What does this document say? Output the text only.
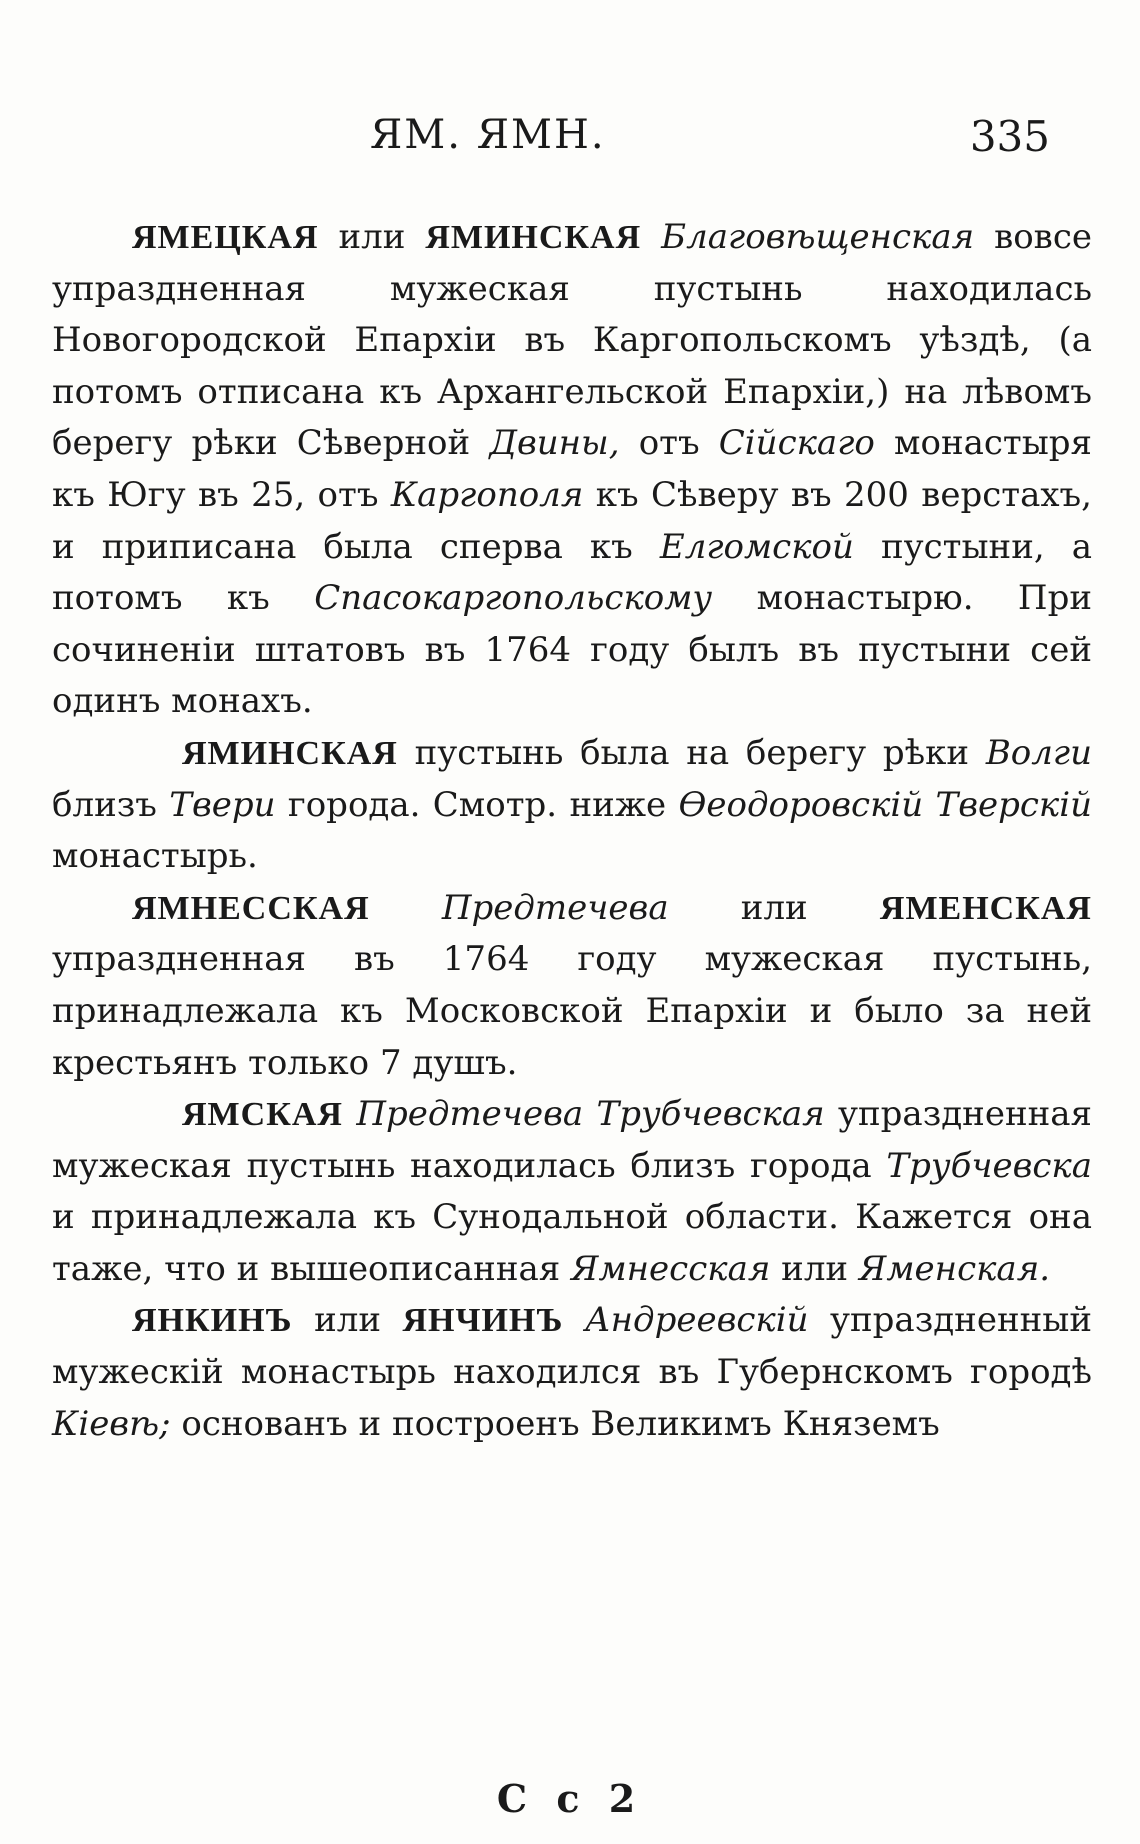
ЯМ. ЯМН.	335

ЯМЕЦКАЯ или ЯМИНСКАЯ Благовѣщенская вовсе упраздненная мужеская пустынь находилась Новогородской Епархіи въ Каргопольскомъ уѣздѣ, (а потомъ отписана къ Архангельской Епархіи,) на лѣвомъ берегу рѣки Сѣверной Двины, отъ Сійскаго монастыря къ Югу въ 25, отъ Каргополя къ Сѣверу въ 200 верстахъ, и приписана была сперва къ Елгомской пустыни, а потомъ къ Спасокаргопольскому монастырю. При сочиненіи штатовъ въ 1764 году былъ въ пустыни сей одинъ монахъ.

ЯМИНСКАЯ пустынь была на берегу рѣки Волги близъ Твери города. Смотр. ниже Ѳеодоровскій Тверскій монастырь.

ЯМНЕССКАЯ Предтечева или ЯМЕНСКАЯ упраздненная въ 1764 году мужеская пустынь, принадлежала къ Московской Епархіи и было за ней крестьянъ только 7 душъ.

ЯМСКАЯ Предтечева Трубчевская упраздненная мужеская пустынь находилась близъ города Трубчевска и принадлежала къ Сунодальной области. Кажется она таже, что и вышеописанная Ямнесская или Яменская.

ЯНКИНЪ или ЯНЧИНЪ Андреевскій упраздненный мужескій монастырь находился въ Губернскомъ городѣ Кіевѣ; основанъ и построенъ Великимъ Княземъ

С с 2
